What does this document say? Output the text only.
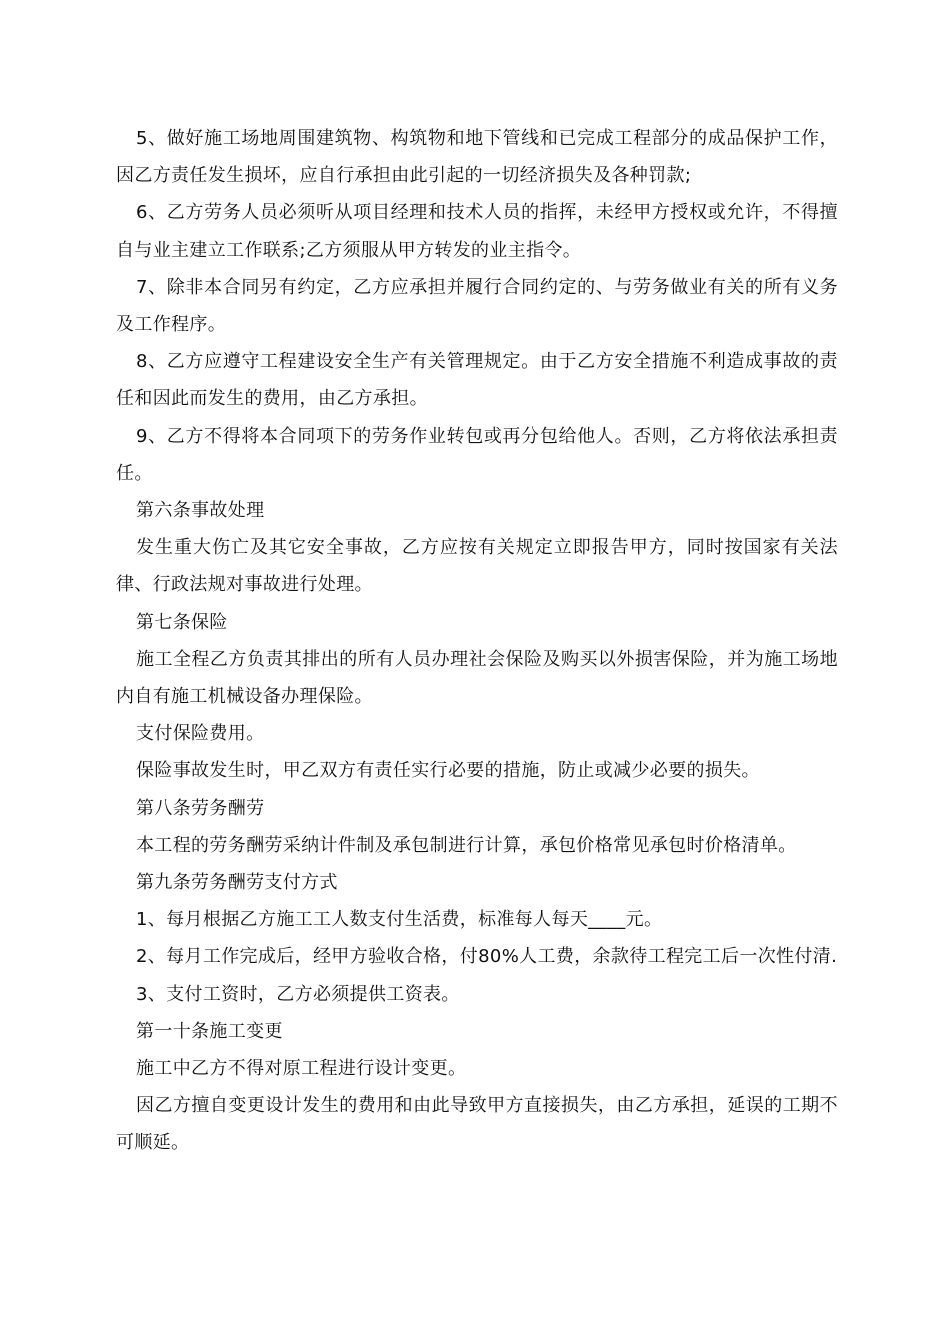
5、做好施工场地周围建筑物、构筑物和地下管线和已完成工程部分的成品保护工作，因乙方责任发生损坏，应自行承担由此引起的一切经济损失及各种罚款;

6、乙方劳务人员必须听从项目经理和技术人员的指挥，未经甲方授权或允许，不得擅自与业主建立工作联系;乙方须服从甲方转发的业主指令。

7、除非本合同另有约定，乙方应承担并履行合同约定的、与劳务做业有关的所有义务及工作程序。

8、乙方应遵守工程建设安全生产有关管理规定。由于乙方安全措施不利造成事故的责任和因此而发生的费用，由乙方承担。

9、乙方不得将本合同项下的劳务作业转包或再分包给他人。否则，乙方将依法承担责任。

第六条事故处理

发生重大伤亡及其它安全事故，乙方应按有关规定立即报告甲方，同时按国家有关法律、行政法规对事故进行处理。

第七条保险

施工全程乙方负责其排出的所有人员办理社会保险及购买以外损害保险，并为施工场地内自有施工机械设备办理保险。

支付保险费用。

保险事故发生时，甲乙双方有责任实行必要的措施，防止或减少必要的损失。

第八条劳务酬劳

本工程的劳务酬劳采纳计件制及承包制进行计算，承包价格常见承包时价格清单。

第九条劳务酬劳支付方式

1、每月根据乙方施工工人数支付生活费，标准每人每天____元。

2、每月工作完成后，经甲方验收合格，付80%人工费，余款待工程完工后一次性付清.

3、支付工资时，乙方必须提供工资表。

第一十条施工变更

施工中乙方不得对原工程进行设计变更。

因乙方擅自变更设计发生的费用和由此导致甲方直接损失，由乙方承担，延误的工期不可顺延。
